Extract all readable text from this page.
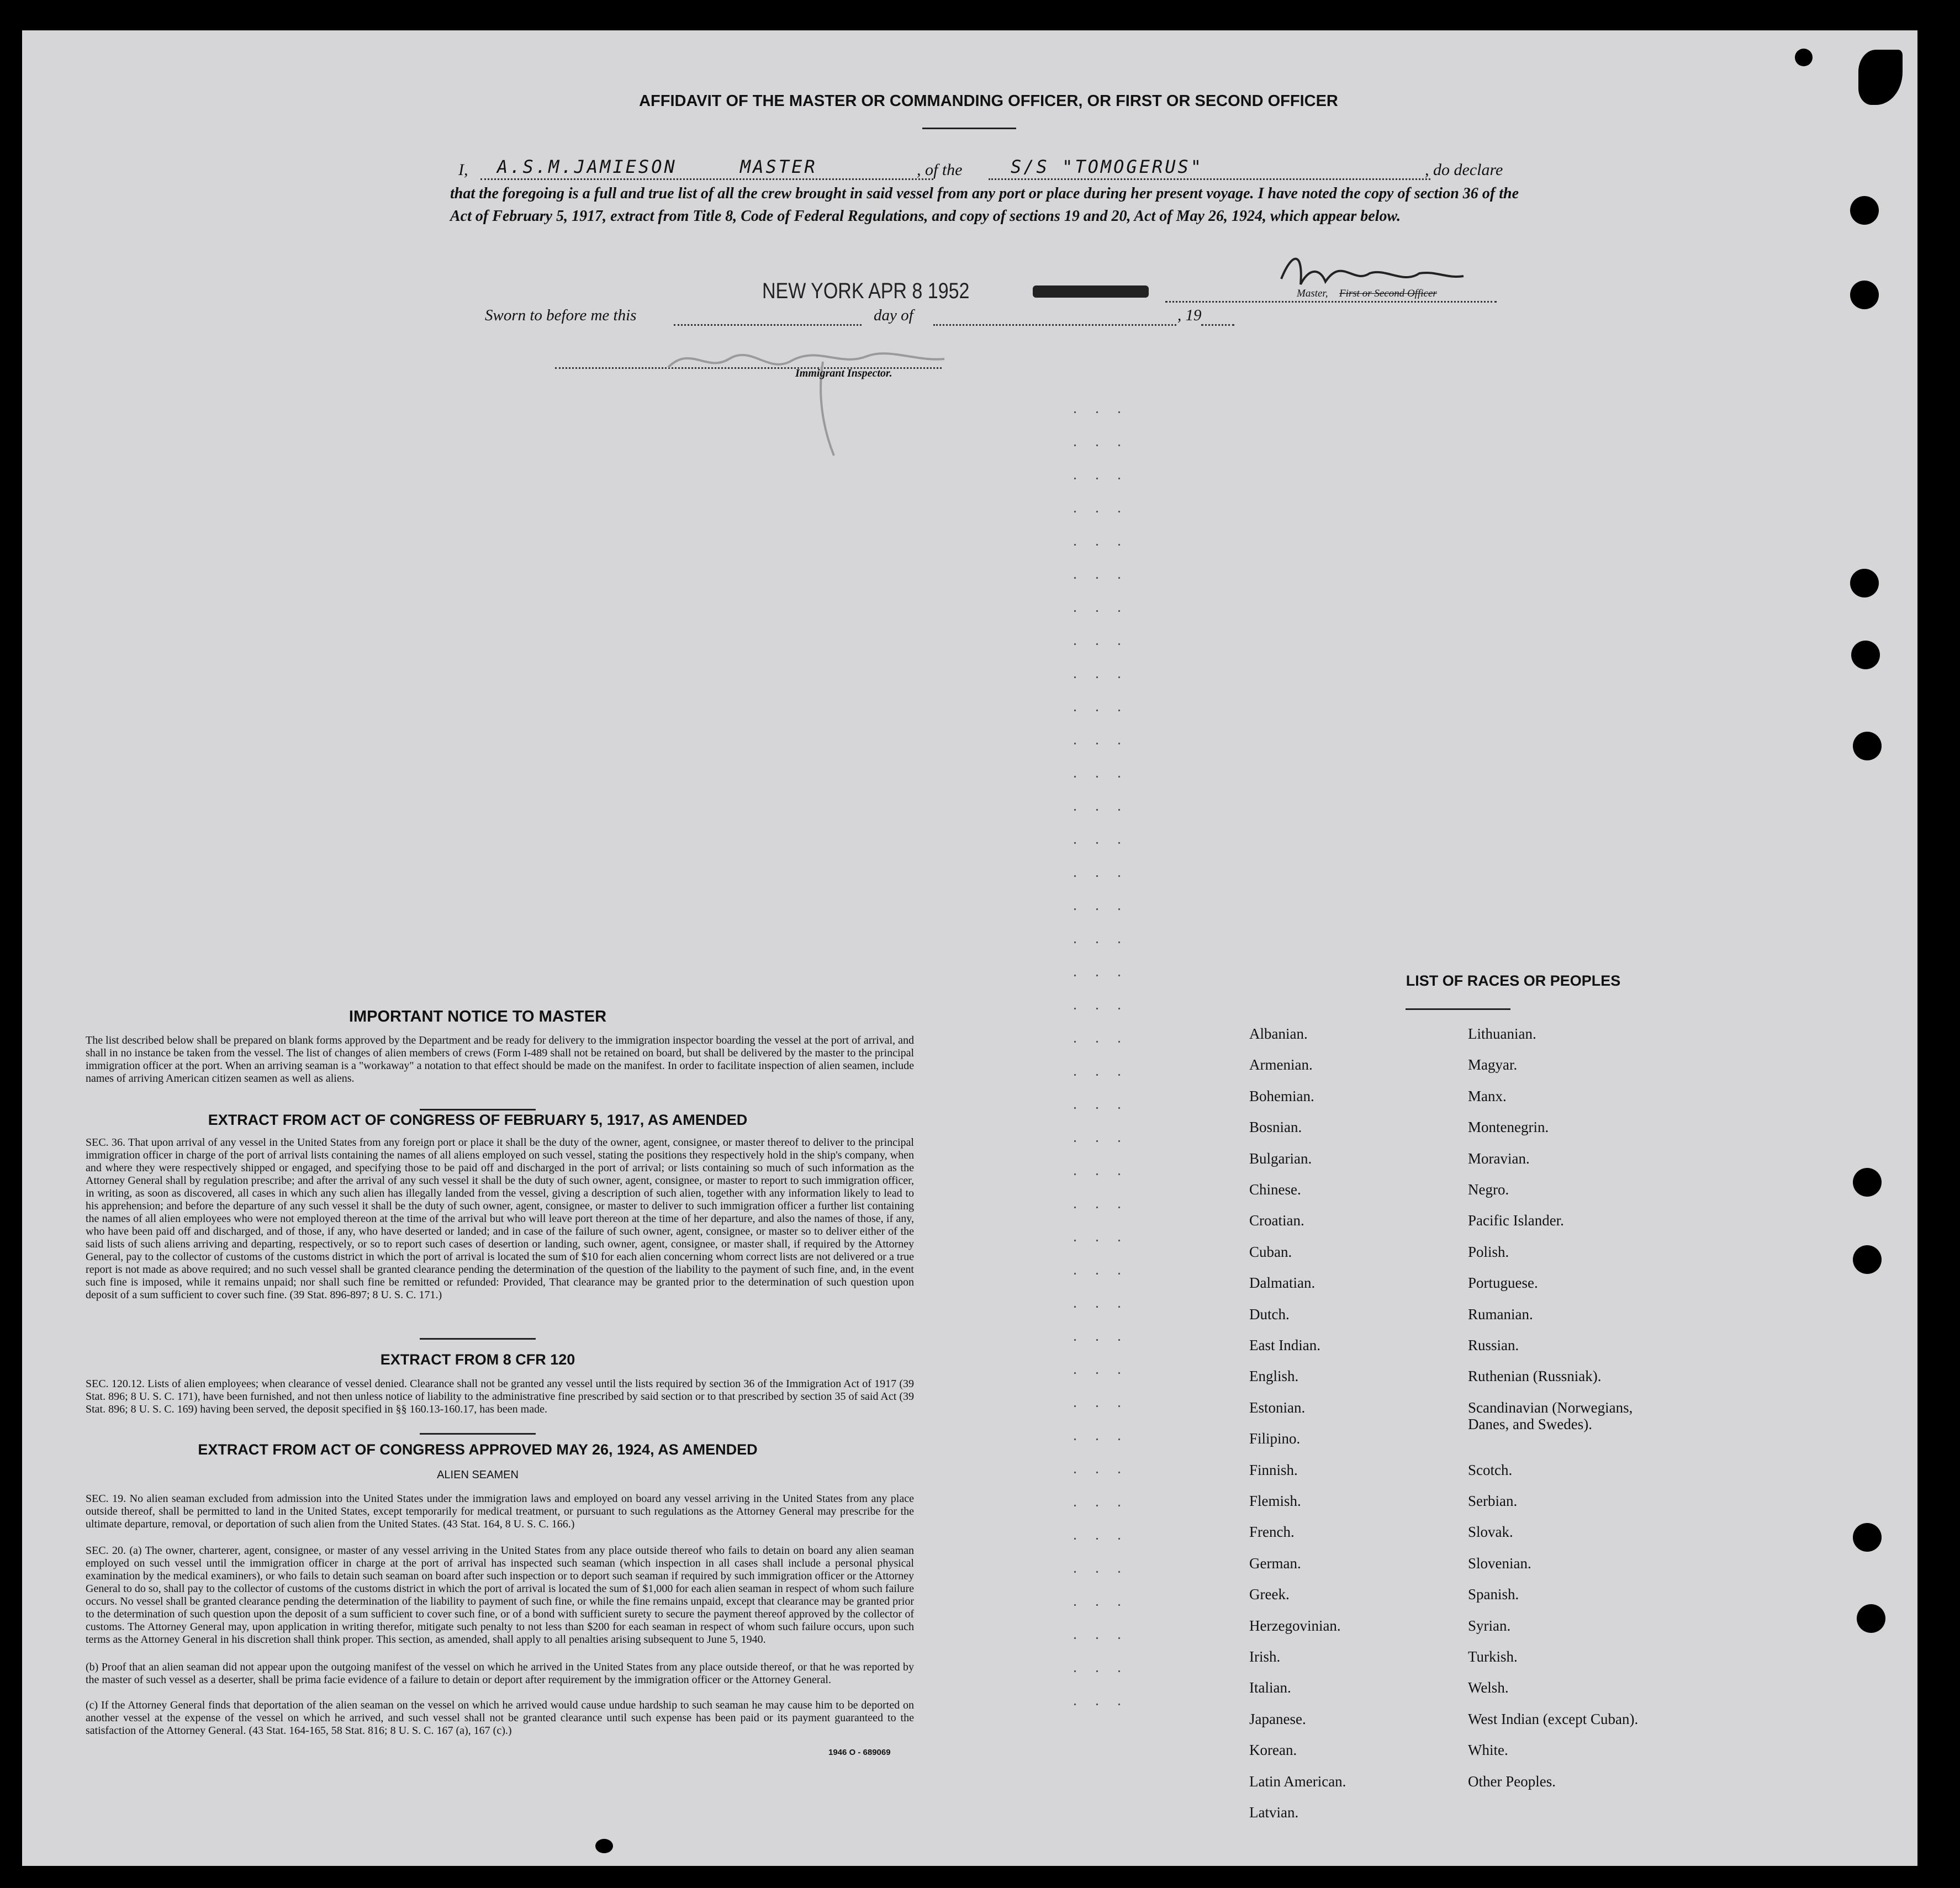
AFFIDAVIT OF THE MASTER OR COMMANDING OFFICER, OR FIRST OR SECOND OFFICER
I, A.S.M.JAMIESON	MASTER	, of the	S/S "TOMOGERUS"	, do declare
that the foregoing is a full and true list of all the crew brought in said vessel from any port or place during her present voyage. I have noted the copy of section 36 of the Act of February 5, 1917, extract from Title 8, Code of Federal Regulations, and copy of sections 19 and 20, Act of May 26, 1924, which appear below.
NEW YORK APR 8 1952	Master, First or Second Officer
Sworn to before me this	day of	, 19
Immigrant Inspector.
IMPORTANT NOTICE TO MASTER
The list described below shall be prepared on blank forms approved by the Department and be ready for delivery to the immigration inspector boarding the vessel at the port of arrival, and shall in no instance be taken from the vessel. The list of changes of alien members of crews (Form I-489 shall not be retained on board, but shall be delivered by the master to the principal immigration officer at the port. When an arriving seaman is a "workaway" a notation to that effect should be made on the manifest. In order to facilitate inspection of alien seamen, include names of arriving American citizen seamen as well as aliens.
EXTRACT FROM ACT OF CONGRESS OF FEBRUARY 5, 1917, AS AMENDED
SEC. 36. That upon arrival of any vessel in the United States from any foreign port or place it shall be the duty of the owner, agent, consignee, or master thereof to deliver to the principal immigration officer in charge of the port of arrival lists containing the names of all aliens employed on such vessel, stating the positions they respectively hold in the ship's company, when and where they were respectively shipped or engaged, and specifying those to be paid off and discharged in the port of arrival; or lists containing so much of such information as the Attorney General shall by regulation prescribe; and after the arrival of any such vessel it shall be the duty of such owner, agent, consignee, or master to report to such immigration officer, in writing, as soon as discovered, all cases in which any such alien has illegally landed from the vessel, giving a description of such alien, together with any information likely to lead to his apprehension; and before the departure of any such vessel it shall be the duty of such owner, agent, consignee, or master to deliver to such immigration officer a further list containing the names of all alien employees who were not employed thereon at the time of the arrival but who will leave port thereon at the time of her departure, and also the names of those, if any, who have been paid off and discharged, and of those, if any, who have deserted or landed; and in case of the failure of such owner, agent, consignee, or master so to deliver either of the said lists of such aliens arriving and departing, respectively, or so to report such cases of desertion or landing, such owner, agent, consignee, or master shall, if required by the Attorney General, pay to the collector of customs of the customs district in which the port of arrival is located the sum of $10 for each alien concerning whom correct lists are not delivered or a true report is not made as above required; and no such vessel shall be granted clearance pending the determination of the question of the liability to the payment of such fine, and, in the event such fine is imposed, while it remains unpaid; nor shall such fine be remitted or refunded: Provided, That clearance may be granted prior to the determination of such question upon deposit of a sum sufficient to cover such fine. (39 Stat. 896-897; 8 U. S. C. 171.)
EXTRACT FROM 8 CFR 120
SEC. 120.12. Lists of alien employees; when clearance of vessel denied. Clearance shall not be granted any vessel until the lists required by section 36 of the Immigration Act of 1917 (39 Stat. 896; 8 U. S. C. 171), have been furnished, and not then unless notice of liability to the administrative fine prescribed by said section or to that prescribed by section 35 of said Act (39 Stat. 896; 8 U. S. C. 169) having been served, the deposit specified in §§ 160.13-160.17, has been made.
EXTRACT FROM ACT OF CONGRESS APPROVED MAY 26, 1924, AS AMENDED
ALIEN SEAMEN
SEC. 19. No alien seaman excluded from admission into the United States under the immigration laws and employed on board any vessel arriving in the United States from any place outside thereof, shall be permitted to land in the United States, except temporarily for medical treatment, or pursuant to such regulations as the Attorney General may prescribe for the ultimate departure, removal, or deportation of such alien from the United States. (43 Stat. 164, 8 U. S. C. 166.)
SEC. 20. (a) The owner, charterer, agent, consignee, or master of any vessel arriving in the United States from any place outside thereof who fails to detain on board any alien seaman employed on such vessel until the immigration officer in charge at the port of arrival has inspected such seaman (which inspection in all cases shall include a personal physical examination by the medical examiners), or who fails to detain such seaman on board after such inspection or to deport such seaman if required by such immigration officer or the Attorney General to do so, shall pay to the collector of customs of the customs district in which the port of arrival is located the sum of $1,000 for each alien seaman in respect of whom such failure occurs. No vessel shall be granted clearance pending the determination of the liability to payment of such fine, or while the fine remains unpaid, except that clearance may be granted prior to the determination of such question upon the deposit of a sum sufficient to cover such fine, or of a bond with sufficient surety to secure the payment thereof approved by the collector of customs. The Attorney General may, upon application in writing therefor, mitigate such penalty to not less than $200 for each seaman in respect of whom such failure occurs, upon such terms as the Attorney General in his discretion shall think proper. This section, as amended, shall apply to all penalties arising subsequent to June 5, 1940.
(b) Proof that an alien seaman did not appear upon the outgoing manifest of the vessel on which he arrived in the United States from any place outside thereof, or that he was reported by the master of such vessel as a deserter, shall be prima facie evidence of a failure to detain or deport after requirement by the immigration officer or the Attorney General.
(c) If the Attorney General finds that deportation of the alien seaman on the vessel on which he arrived would cause undue hardship to such seaman he may cause him to be deported on another vessel at the expense of the vessel on which he arrived, and such vessel shall not be granted clearance until such expense has been paid or its payment guaranteed to the satisfaction of the Attorney General. (43 Stat. 164-165, 58 Stat. 816; 8 U. S. C. 167 (a), 167 (c).)
1946 O - 689069
LIST OF RACES OR PEOPLES
Albanian.
Armenian.
Bohemian.
Bosnian.
Bulgarian.
Chinese.
Croatian.
Cuban.
Dalmatian.
Dutch.
East Indian.
English.
Estonian.
Filipino.
Finnish.
Flemish.
French.
German.
Greek.
Herzegovinian.
Irish.
Italian.
Japanese.
Korean.
Latin American.
Latvian.
Lithuanian.
Magyar.
Manx.
Montenegrin.
Moravian.
Negro.
Pacific Islander.
Polish.
Portuguese.
Rumanian.
Russian.
Ruthenian (Russniak).
Scandinavian (Norwegians,
Danes, and Swedes).
Scotch.
Serbian.
Slovak.
Slovenian.
Spanish.
Syrian.
Turkish.
Welsh.
West Indian (except Cuban).
White.
Other Peoples.
